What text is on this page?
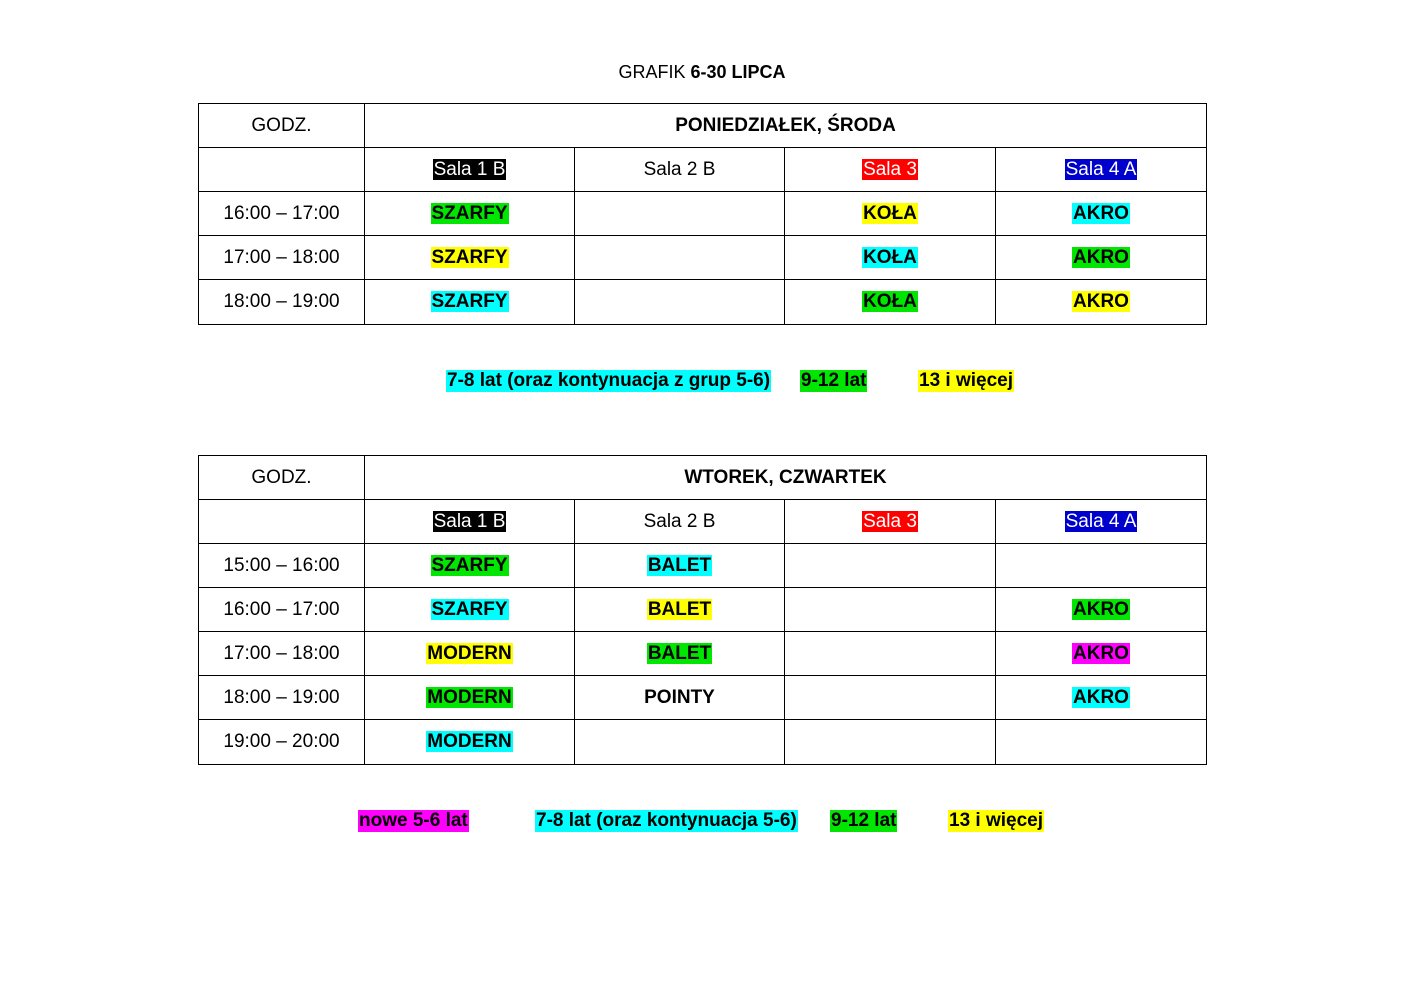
GRAFIK 6-30 LIPCA
GODZ.	PONIEDZIAŁEK, ŚRODA			
	Sala 1 B	Sala 2 B	Sala 3	Sala 4 A
16:00 – 17:00	SZARFY		KOŁA	AKRO
17:00 – 18:00	SZARFY		KOŁA	AKRO
18:00 – 19:00	SZARFY		KOŁA	AKRO
7-8 lat (oraz kontynuacja z grup 5-6) 9-12 lat	13 i więcej
GODZ.	WTOREK, CZWARTEK			
	Sala 1 B	Sala 2 B	Sala 3	Sala 4 A
15:00 – 16:00	SZARFY	BALET		
16:00 – 17:00	SZARFY	BALET		AKRO
17:00 – 18:00	MODERN	BALET		AKRO
18:00 – 19:00	MODERN	POINTY		AKRO
19:00 – 20:00	MODERN			
nowe 5-6 lat	7-8 lat (oraz kontynuacja 5-6) 9-12 lat	13 i więcej
